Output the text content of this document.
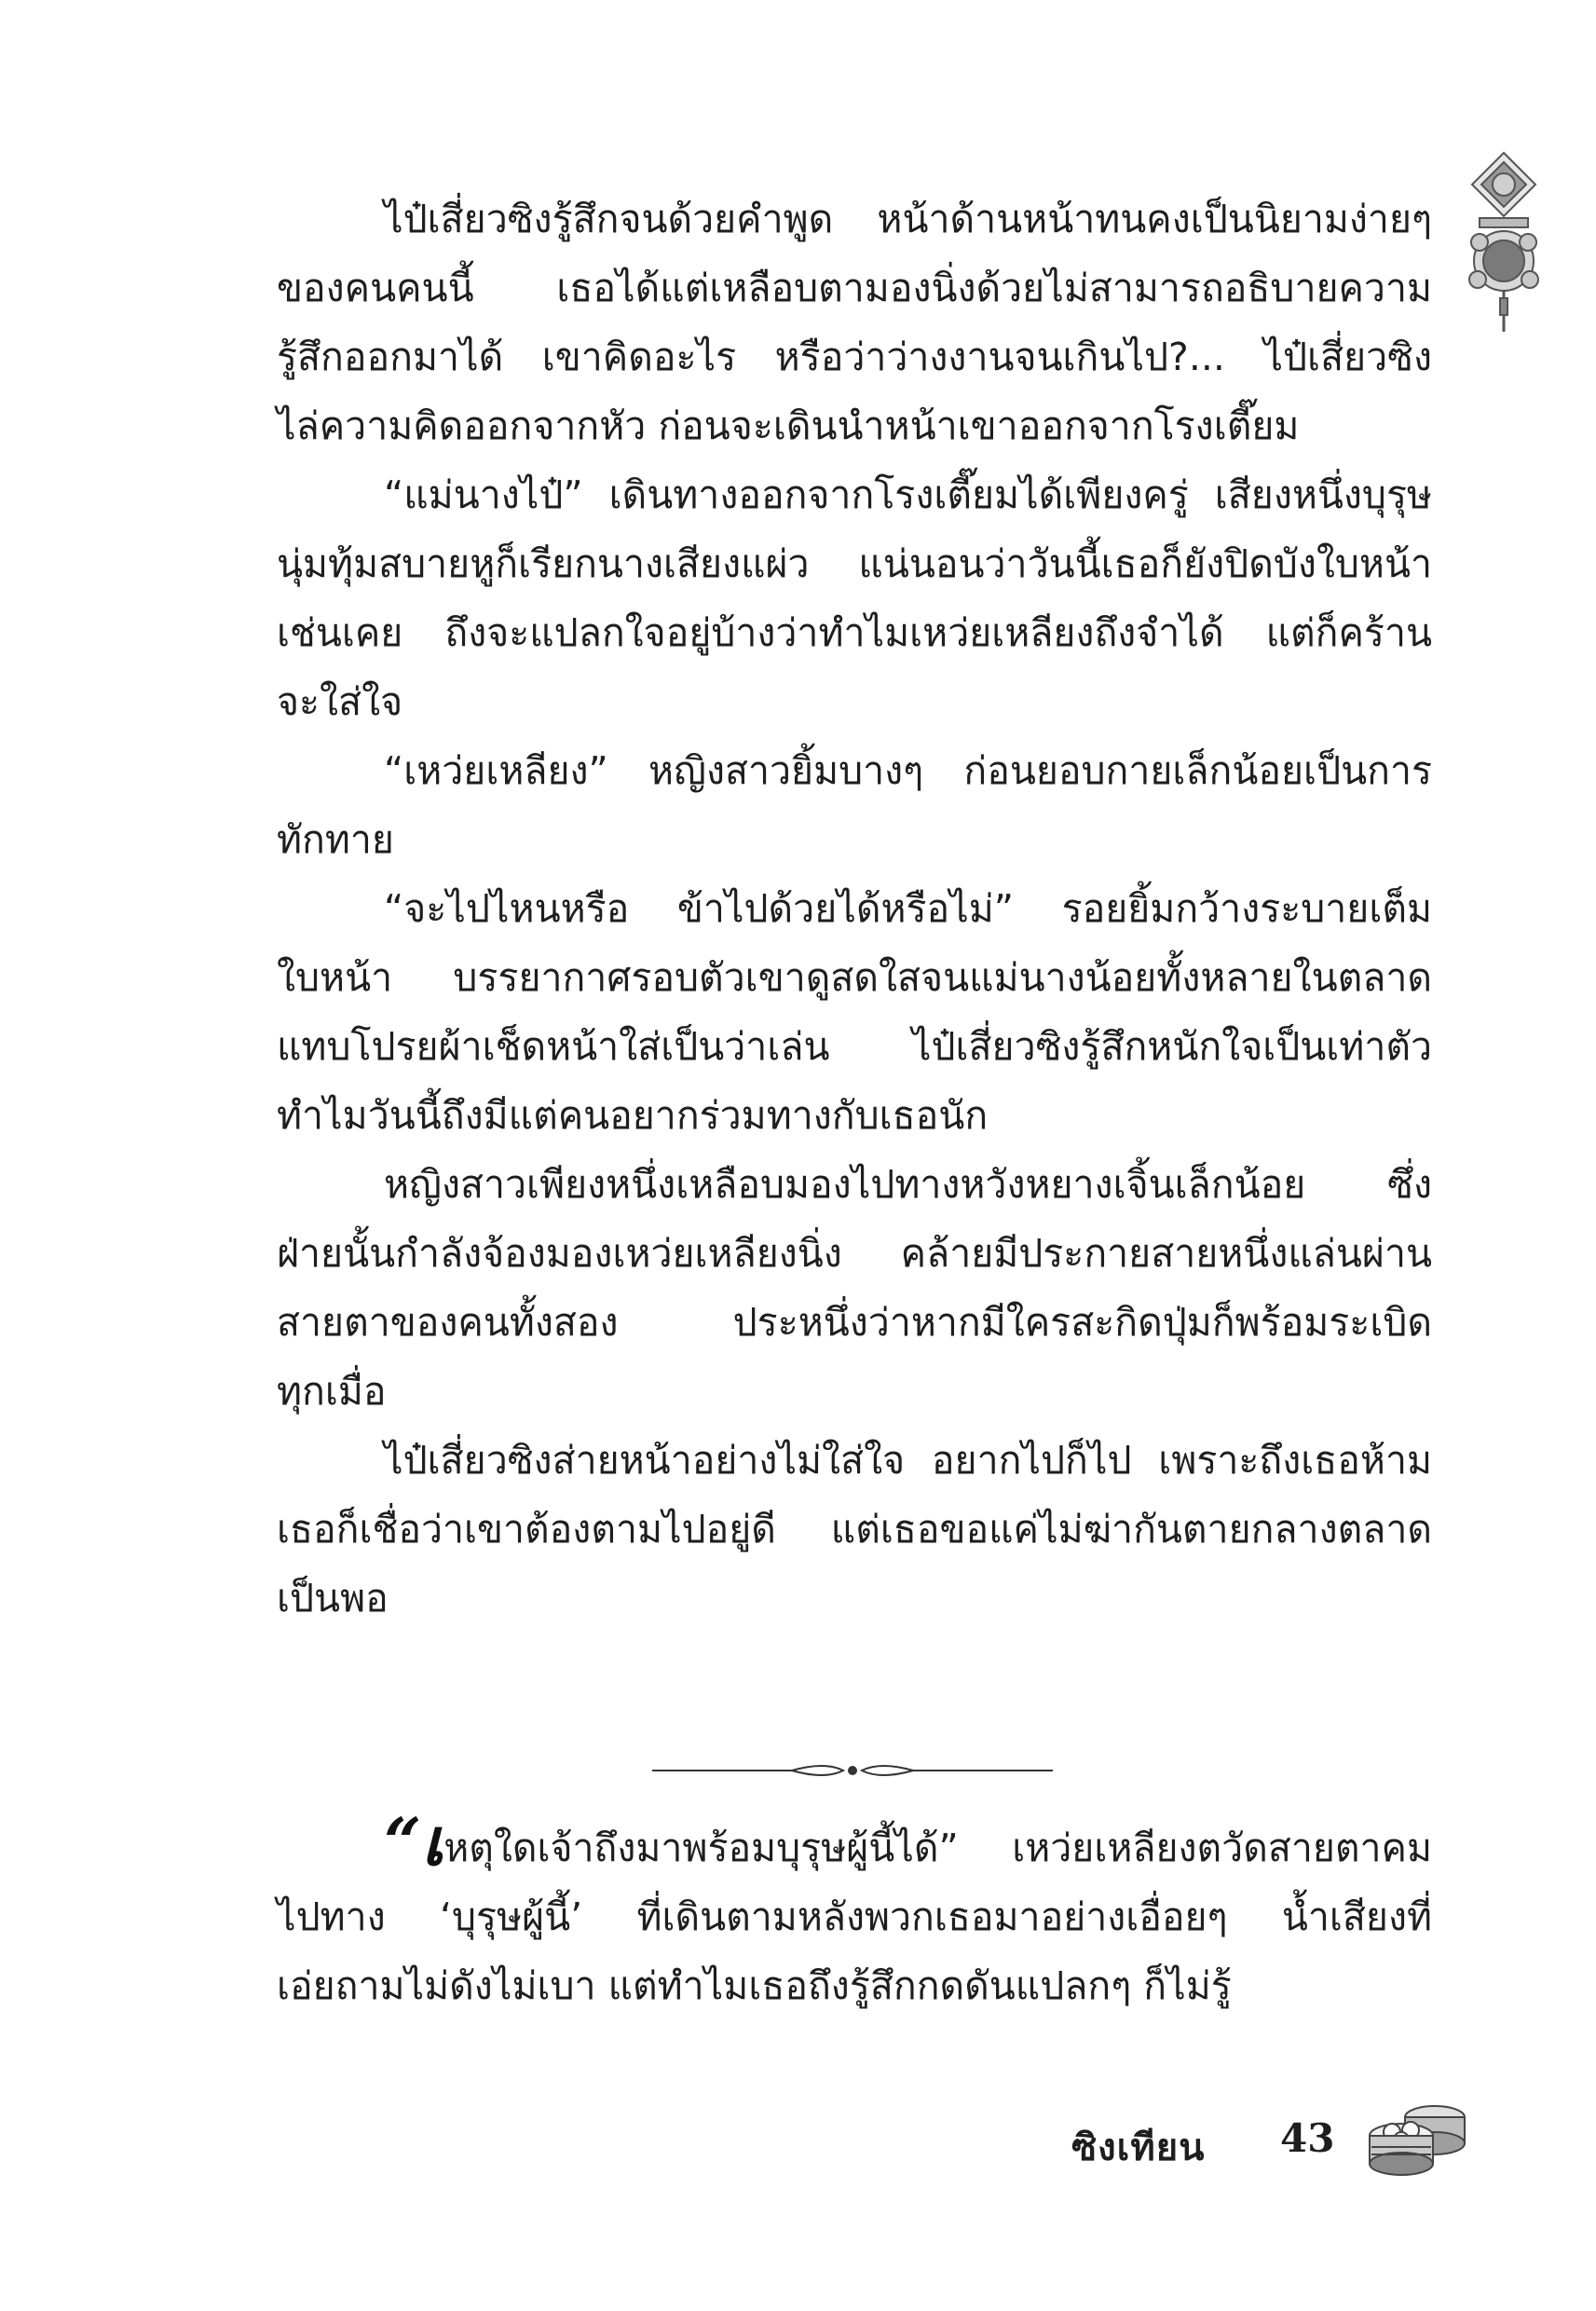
ไป๋เสี่ยวซิงรู้สึกจนด้วยคำพูด หน้าด้านหน้าทนคงเป็นนิยามง่ายๆ
ของคนคนนี้ เธอได้แต่เหลือบตามองนิ่งด้วยไม่สามารถอธิบายความ
รู้สึกออกมาได้ เขาคิดอะไร หรือว่าว่างงานจนเกินไป?... ไป๋เสี่ยวซิง
ไล่ความคิดออกจากหัว ก่อนจะเดินนำหน้าเขาออกจากโรงเตี๊ยม
“แม่นางไป๋” เดินทางออกจากโรงเตี๊ยมได้เพียงครู่ เสียงหนึ่งบุรุษ
นุ่มทุ้มสบายหูก็เรียกนางเสียงแผ่ว แน่นอนว่าวันนี้เธอก็ยังปิดบังใบหน้า
เช่นเคย ถึงจะแปลกใจอยู่บ้างว่าทำไมเหว่ยเหลียงถึงจำได้ แต่ก็คร้าน
จะใส่ใจ
“เหว่ยเหลียง” หญิงสาวยิ้มบางๆ ก่อนยอบกายเล็กน้อยเป็นการ
ทักทาย
“จะไปไหนหรือ ข้าไปด้วยได้หรือไม่” รอยยิ้มกว้างระบายเต็ม
ใบหน้า บรรยากาศรอบตัวเขาดูสดใสจนแม่นางน้อยทั้งหลายในตลาด
แทบโปรยผ้าเช็ดหน้าใส่เป็นว่าเล่น ไป๋เสี่ยวซิงรู้สึกหนักใจเป็นเท่าตัว
ทำไมวันนี้ถึงมีแต่คนอยากร่วมทางกับเธอนัก
หญิงสาวเพียงหนึ่งเหลือบมองไปทางหวังหยางเจิ้นเล็กน้อย ซึ่ง
ฝ่ายนั้นกำลังจ้องมองเหว่ยเหลียงนิ่ง คล้ายมีประกายสายหนึ่งแล่นผ่าน
สายตาของคนทั้งสอง ประหนึ่งว่าหากมีใครสะกิดปุ่มก็พร้อมระเบิด
ทุกเมื่อ
ไป๋เสี่ยวซิงส่ายหน้าอย่างไม่ใส่ใจ อยากไปก็ไป เพราะถึงเธอห้าม
เธอก็เชื่อว่าเขาต้องตามไปอยู่ดี แต่เธอขอแค่ไม่ฆ่ากันตายกลางตลาด
เป็นพอ
“เหตุใดเจ้าถึงมาพร้อมบุรุษผู้นี้ได้” เหว่ยเหลียงตวัดสายตาคม
ไปทาง ‘บุรุษผู้นี้’ ที่เดินตามหลังพวกเธอมาอย่างเอื่อยๆ น้ำเสียงที่
เอ่ยถามไม่ดังไม่เบา แต่ทำไมเธอถึงรู้สึกกดดันแปลกๆ ก็ไม่รู้
ซิงเทียน 43
